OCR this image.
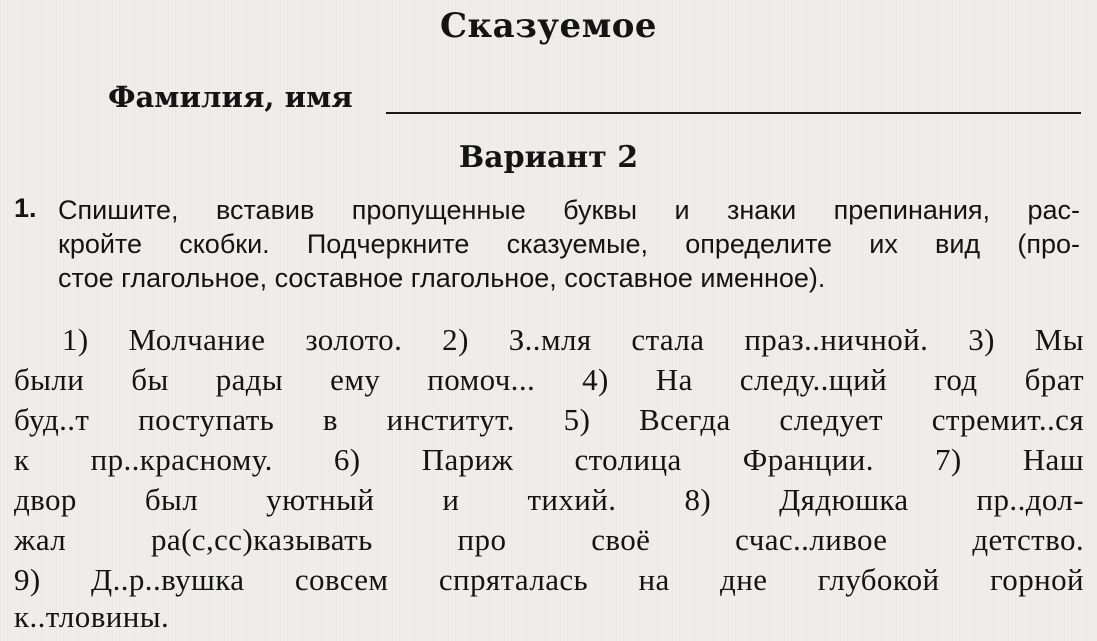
Сказуемое
Фамилия, имя
Вариант 2
1. Спишите, вставив пропущенные буквы и знаки препинания, рас-
кройте скобки. Подчеркните сказуемые, определите их вид (про-
стое глагольное, составное глагольное, составное именное).
1) Молчание золото. 2) З..мля стала праз..ничной. 3) Мы
были бы рады ему помоч... 4) На следу..щий год брат
буд..т поступать в институт. 5) Всегда следует стремит..ся
к пр..красному. 6) Париж столица Франции. 7) Наш
двор был уютный и тихий. 8) Дядюшка пр..дол-
жал ра(с,сс)казывать про своё счас..ливое детство.
9) Д..р..вушка совсем спряталась на дне глубокой горной
к..тловины.
